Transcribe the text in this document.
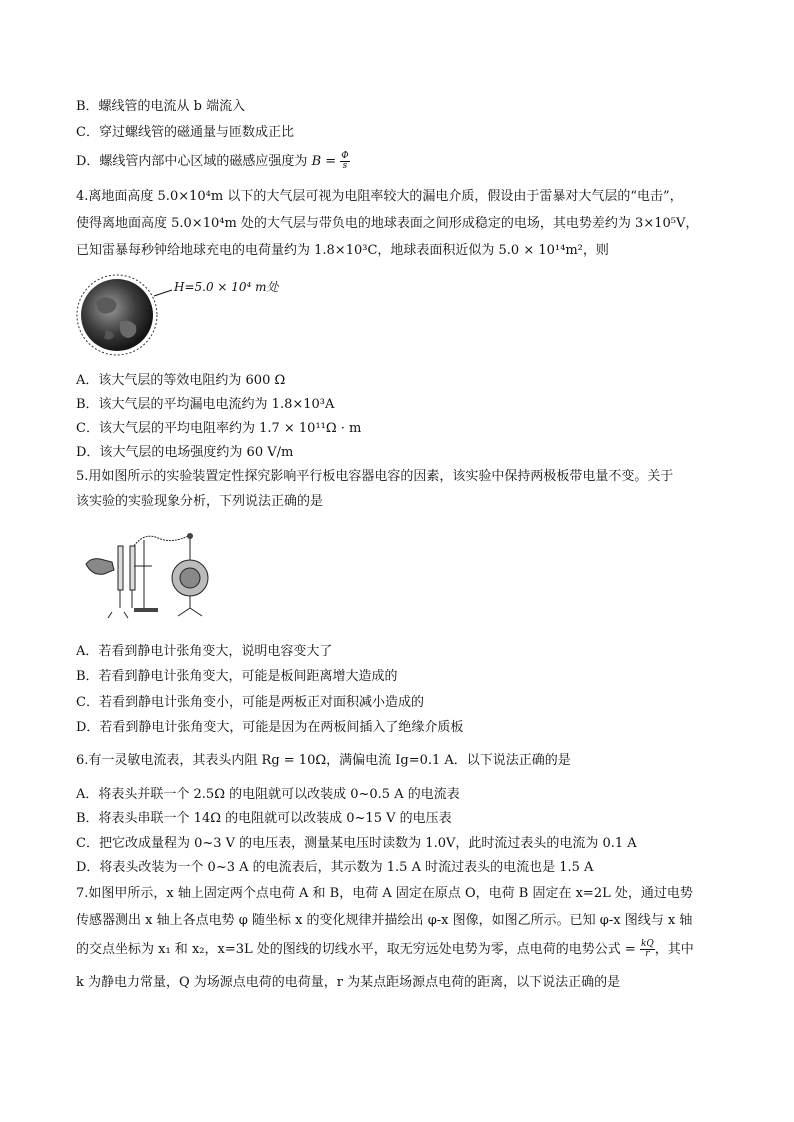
B．螺线管的电流从 b 端流入
C．穿过螺线管的磁通量与匝数成正比
D．螺线管内部中心区域的磁感应强度为 $B = \frac{\Phi}{s}$
4.离地面高度 5.0×10⁴m 以下的大气层可视为电阻率较大的漏电介质，假设由于雷暴对大气层的“电击”，
使得离地面高度 5.0×10⁴m 处的大气层与带负电的地球表面之间形成稳定的电场，其电势差约为 3×10⁵V，
已知雷暴每秒钟给地球充电的电荷量约为 1.8×10³C，地球表面积近似为 5.0 × 10¹⁴m²，则
H=5.0 × 10⁴ m处
A．该大气层的等效电阻约为 600 Ω
B．该大气层的平均漏电电流约为 1.8×10³A
C．该大气层的平均电阻率约为 1.7 × 10¹¹Ω · m
D．该大气层的电场强度约为 60 V/m
5.用如图所示的实验装置定性探究影响平行板电容器电容的因素，该实验中保持两极板带电量不变。关于
该实验的实验现象分析，下列说法正确的是
A．若看到静电计张角变大，说明电容变大了
B．若看到静电计张角变大，可能是板间距离增大造成的
C．若看到静电计张角变小，可能是两板正对面积减小造成的
D．若看到静电计张角变大，可能是因为在两板间插入了绝缘介质板
6.有一灵敏电流表，其表头内阻 Rg = 10Ω，满偏电流 Ig=0.1 A．以下说法正确的是
A．将表头并联一个 2.5Ω 的电阻就可以改装成 0~0.5 A 的电流表
B．将表头串联一个 14Ω 的电阻就可以改装成 0~15 V 的电压表
C．把它改成量程为 0~3 V 的电压表，测量某电压时读数为 1.0V，此时流过表头的电流为 0.1 A
D．将表头改装为一个 0~3 A 的电流表后，其示数为 1.5 A 时流过表头的电流也是 1.5 A
7.如图甲所示，x 轴上固定两个点电荷 A 和 B，电荷 A 固定在原点 O，电荷 B 固定在 x=2L 处，通过电势
传感器测出 x 轴上各点电势 φ 随坐标 x 的变化规律并描绘出 φ-x 图像，如图乙所示。已知 φ-x 图线与 x 轴
的交点坐标为 x₁ 和 x₂，x=3L 处的图线的切线水平，取无穷远处电势为零，点电荷的电势公式 = $\frac{kQ}{r}$ ，其中
k 为静电力常量，Q 为场源点电荷的电荷量，r 为某点距场源点电荷的距离，以下说法正确的是
